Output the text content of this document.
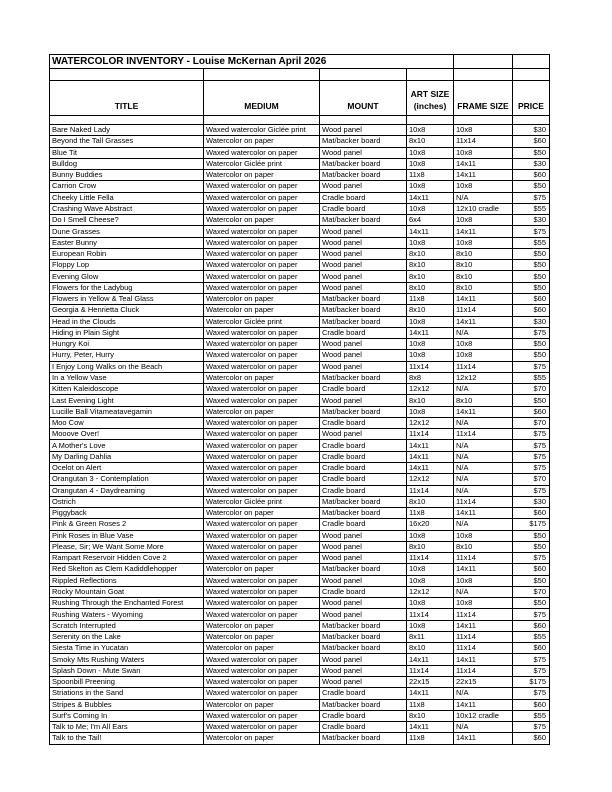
WATERCOLOR INVENTORY - Louise McKernan April 2026					

TITLE	MEDIUM	MOUNT	ART SIZE (inches)	FRAME SIZE	PRICE

Bare Naked Lady	Waxed watercolor Giclée print	Wood panel	10x8	10x8	$30
Beyond the Tall Grasses	Watercolor on paper	Mat/backer board	8x10	11x14	$60
Blue Tit	Waxed watercolor on paper	Wood panel	10x8	10x8	$50
Bulldog	Watercolor Giclée print	Mat/backer board	10x8	14x11	$30
Bunny Buddies	Watercolor on paper	Mat/backer board	11x8	14x11	$60
Carrion Crow	Waxed watercolor on paper	Wood panel	10x8	10x8	$50
Cheeky Little Fella	Waxed watercolor on paper	Cradle board	14x11	N/A	$75
Crashing Wave Abstract	Waxed watercolor on paper	Cradle board	10x8	12x10 cradle	$55
Do I Smell Cheese?	Watercolor on paper	Mat/backer board	6x4	10x8	$30
Dune Grasses	Waxed watercolor on paper	Wood panel	14x11	14x11	$75
Easter Bunny	Waxed watercolor on paper	Wood panel	10x8	10x8	$55
European Robin	Waxed watercolor on paper	Wood panel	8x10	8x10	$50
Floppy Lop	Waxed watercolor on paper	Wood panel	8x10	8x10	$50
Evening Glow	Waxed watercolor on paper	Wood panel	8x10	8x10	$50
Flowers for the Ladybug	Waxed watercolor on paper	Wood panel	8x10	8x10	$50
Flowers in Yellow & Teal Glass	Watercolor on paper	Mat/backer board	11x8	14x11	$60
Georgia & Henrietta Cluck	Watercolor on paper	Mat/backer board	8x10	11x14	$60
Head in the Clouds	Watercolor Giclée print	Mat/backer board	10x8	14x11	$30
Hiding in Plain Sight	Waxed watercolor on paper	Cradle board	14x11	N/A	$75
Hungry Koi	Waxed watercolor on paper	Wood panel	10x8	10x8	$50
Hurry, Peter, Hurry	Waxed watercolor on paper	Wood panel	10x8	10x8	$50
I Enjoy Long Walks on the Beach	Waxed watercolor on paper	Wood panel	11x14	11x14	$75
In a Yellow Vase	Watercolor on paper	Mat/backer board	8x8	12x12	$55
Kitten Kaleidoscope	Waxed watercolor on paper	Cradle board	12x12	N/A	$70
Last Evening Light	Waxed watercolor on paper	Wood panel	8x10	8x10	$50
Lucille Ball Vitameatavegamin	Watercolor on paper	Mat/backer board	10x8	14x11	$60
Moo Cow	Waxed watercolor on paper	Cradle board	12x12	N/A	$70
Mooove Over!	Waxed watercolor on paper	Wood panel	11x14	11x14	$75
A Mother's Love	Waxed watercolor on paper	Cradle board	14x11	N/A	$75
My Darling Dahlia	Waxed watercolor on paper	Cradle board	14x11	N/A	$75
Ocelot on Alert	Waxed watercolor on paper	Cradle board	14x11	N/A	$75
Orangutan 3 - Contemplation	Waxed watercolor on paper	Cradle board	12x12	N/A	$70
Orangutan 4 - Daydreaming	Waxed watercolor on paper	Cradle board	11x14	N/A	$75
Ostrich	Watercolor Giclée print	Mat/backer board	8x10	11x14	$30
Piggyback	Watercolor on paper	Mat/backer board	11x8	14x11	$60
Pink & Green Roses 2	Waxed watercolor on paper	Cradle board	16x20	N/A	$175
Pink Roses in Blue Vase	Waxed watercolor on paper	Wood panel	10x8	10x8	$50
Please, Sir; We Want Some More	Waxed watercolor on paper	Wood panel	8x10	8x10	$50
Rampart Reservoir Hidden Cove 2	Waxed watercolor on paper	Wood panel	11x14	11x14	$75
Red Skelton as Clem Kadiddlehopper	Watercolor on paper	Mat/backer board	10x8	14x11	$60
Rippled Reflections	Waxed watercolor on paper	Wood panel	10x8	10x8	$50
Rocky Mountain Goat	Waxed watercolor on paper	Cradle board	12x12	N/A	$70
Rushing Through the Enchanted Forest	Waxed watercolor on paper	Wood panel	10x8	10x8	$50
Rushing Waters - Wyoming	Waxed watercolor on paper	Wood panel	11x14	11x14	$75
Scratch Interrupted	Watercolor on paper	Mat/backer board	10x8	14x11	$60
Serenity on the Lake	Watercolor on paper	Mat/backer board	8x11	11x14	$55
Siesta Time in Yucatan	Watercolor on paper	Mat/backer board	8x10	11x14	$60
Smoky Mts Rushing Waters	Waxed watercolor on paper	Wood panel	14x11	14x11	$75
Splash Down - Mute Swan	Waxed watercolor on paper	Wood panel	11x14	11x14	$75
Spoonbill Preening	Waxed watercolor on paper	Wood panel	22x15	22x15	$175
Striations in the Sand	Waxed watercolor on paper	Cradle board	14x11	N/A	$75
Stripes & Bubbles	Watercolor on paper	Mat/backer board	11x8	14x11	$60
Surf's Coming In	Waxed watercolor on paper	Cradle board	8x10	10x12 cradle	$55
Talk to Me; I'm All Ears	Waxed watercolor on paper	Cradle board	14x11	N/A	$75
Talk to the Tail!	Watercolor on paper	Mat/backer board	11x8	14x11	$60
